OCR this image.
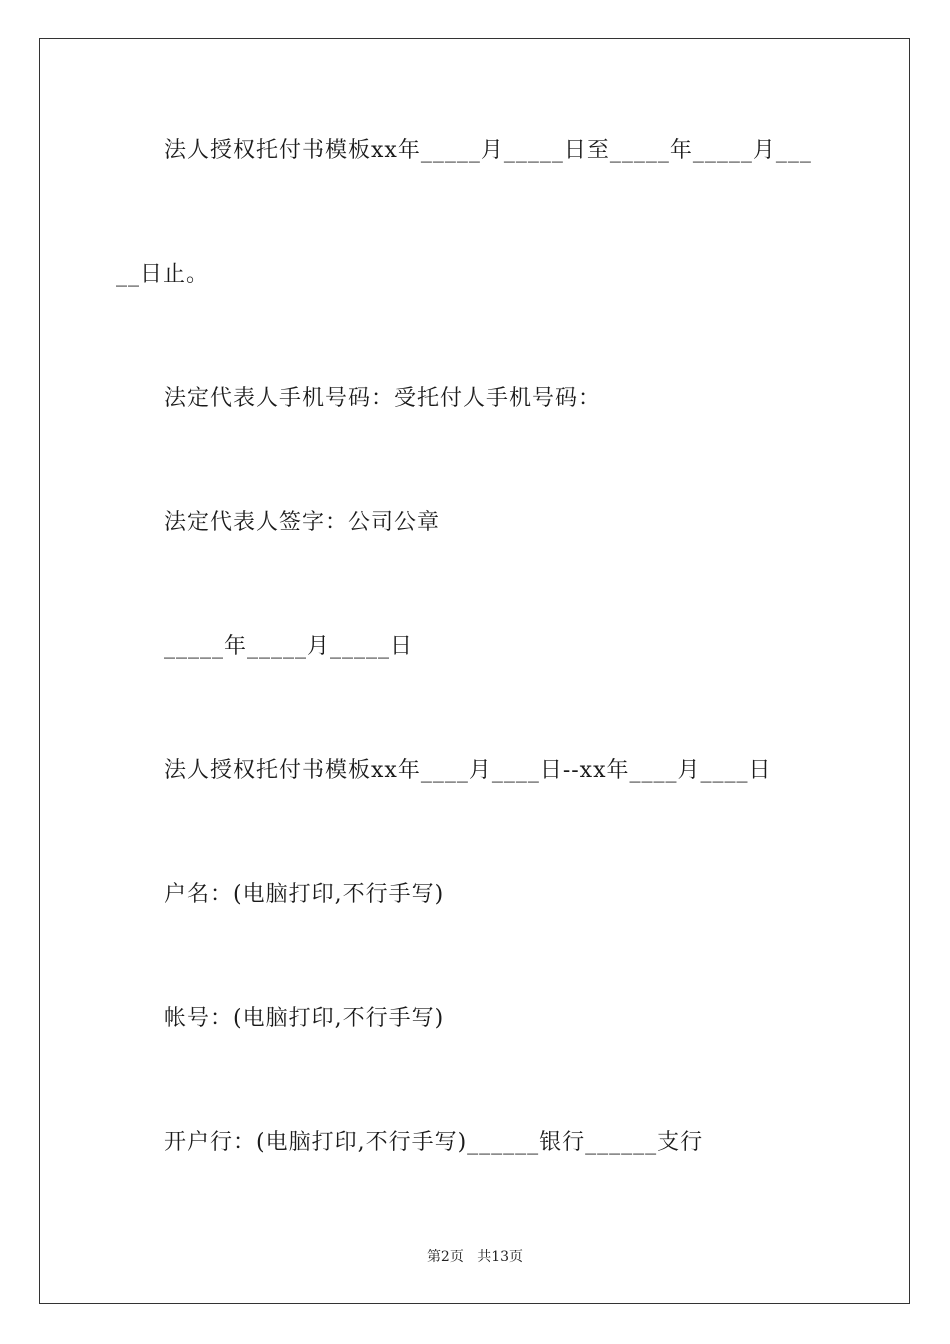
法人授权托付书模板xx年_____月_____日至_____年_____月___
__日止。
法定代表人手机号码：受托付人手机号码：
法定代表人签字：公司公章
_____年_____月_____日
法人授权托付书模板xx年____月____日--xx年____月____日
户名：(电脑打印,不行手写)
帐号：(电脑打印,不行手写)
开户行：(电脑打印,不行手写)______银行______支行
第2页 共13页
